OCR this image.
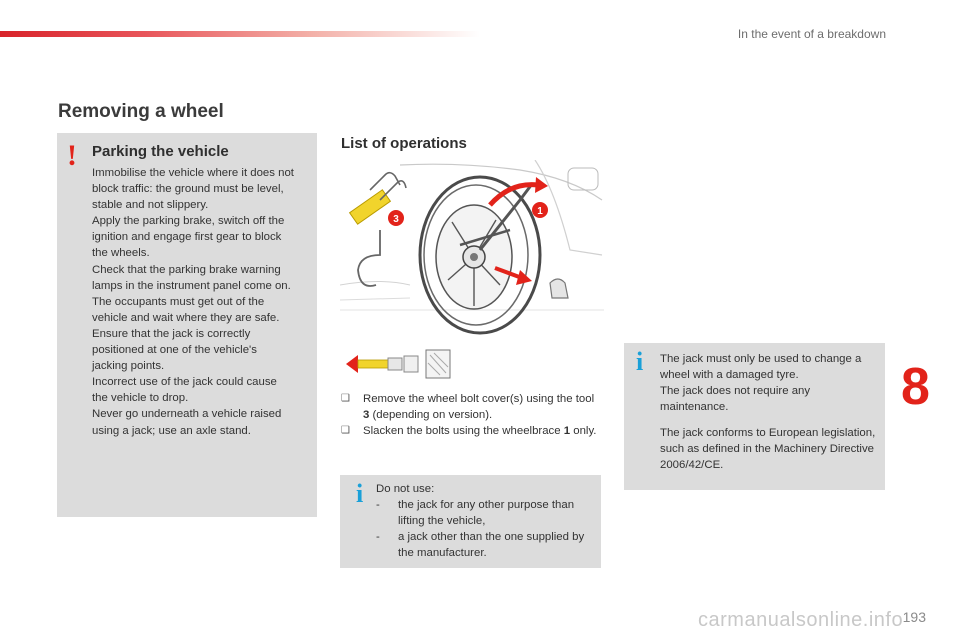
In the event of a breakdown
Removing a wheel
! Parking the vehicle
Immobilise the vehicle where it does not
block traffic: the ground must be level,
stable and not slippery.
Apply the parking brake, switch off the
ignition and engage first gear to block
the wheels.
Check that the parking brake warning
lamps in the instrument panel come on.
The occupants must get out of the
vehicle and wait where they are safe.
Ensure that the jack is correctly
positioned at one of the vehicle's
jacking points.
Incorrect use of the jack could cause
the vehicle to drop.
Never go underneath a vehicle raised
using a jack; use an axle stand.
List of operations
1
3
❑ Remove the wheel bolt cover(s) using the tool 3 (depending on version).
❑ Slacken the bolts using the wheelbrace 1 only.
i Do not use:
- the jack for any other purpose than lifting the vehicle,
- a jack other than the one supplied by the manufacturer.
i The jack must only be used to change a wheel with a damaged tyre.
The jack does not require any maintenance.

The jack conforms to European legislation, such as defined in the Machinery Directive 2006/42/CE.

8
carmanualsonline.info 193
